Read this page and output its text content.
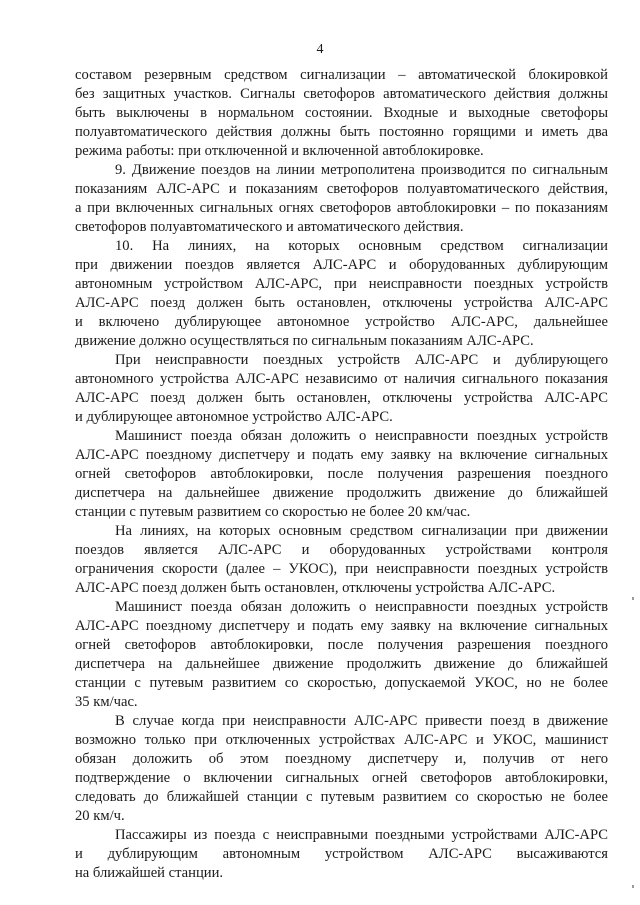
4
составом резервным средством сигнализации – автоматической блокировкой
без защитных участков. Сигналы светофоров автоматического действия должны
быть выключены в нормальном состоянии. Входные и выходные светофоры
полуавтоматического действия должны быть постоянно горящими и иметь два
режима работы: при отключенной и включенной автоблокировке.
9. Движение поездов на линии метрополитена производится по сигнальным
показаниям АЛС-АРС и показаниям светофоров полуавтоматического действия,
а при включенных сигнальных огнях светофоров автоблокировки – по показаниям
светофоров полуавтоматического и автоматического действия.
10. На линиях, на которых основным средством сигнализации
при движении поездов является АЛС-АРС и оборудованных дублирующим
автономным устройством АЛС-АРС, при неисправности поездных устройств
АЛС-АРС поезд должен быть остановлен, отключены устройства АЛС-АРС
и включено дублирующее автономное устройство АЛС-АРС, дальнейшее
движение должно осуществляться по сигнальным показаниям АЛС-АРС.
При неисправности поездных устройств АЛС-АРС и дублирующего
автономного устройства АЛС-АРС независимо от наличия сигнального показания
АЛС-АРС поезд должен быть остановлен, отключены устройства АЛС-АРС
и дублирующее автономное устройство АЛС-АРС.
Машинист поезда обязан доложить о неисправности поездных устройств
АЛС-АРС поездному диспетчеру и подать ему заявку на включение сигнальных
огней светофоров автоблокировки, после получения разрешения поездного
диспетчера на дальнейшее движение продолжить движение до ближайшей
станции с путевым развитием со скоростью не более 20 км/час.
На линиях, на которых основным средством сигнализации при движении
поездов является АЛС-АРС и оборудованных устройствами контроля
ограничения скорости (далее – УКОС), при неисправности поездных устройств
АЛС-АРС поезд должен быть остановлен, отключены устройства АЛС-АРС.
Машинист поезда обязан доложить о неисправности поездных устройств
АЛС-АРС поездному диспетчеру и подать ему заявку на включение сигнальных
огней светофоров автоблокировки, после получения разрешения поездного
диспетчера на дальнейшее движение продолжить движение до ближайшей
станции с путевым развитием со скоростью, допускаемой УКОС, но не более
35 км/час.
В случае когда при неисправности АЛС-АРС привести поезд в движение
возможно только при отключенных устройствах АЛС-АРС и УКОС, машинист
обязан доложить об этом поездному диспетчеру и, получив от него
подтверждение о включении сигнальных огней светофоров автоблокировки,
следовать до ближайшей станции с путевым развитием со скоростью не более
20 км/ч.
Пассажиры из поезда с неисправными поездными устройствами АЛС-АРС
и дублирующим автономным устройством АЛС-АРС высаживаются
на ближайшей станции.
